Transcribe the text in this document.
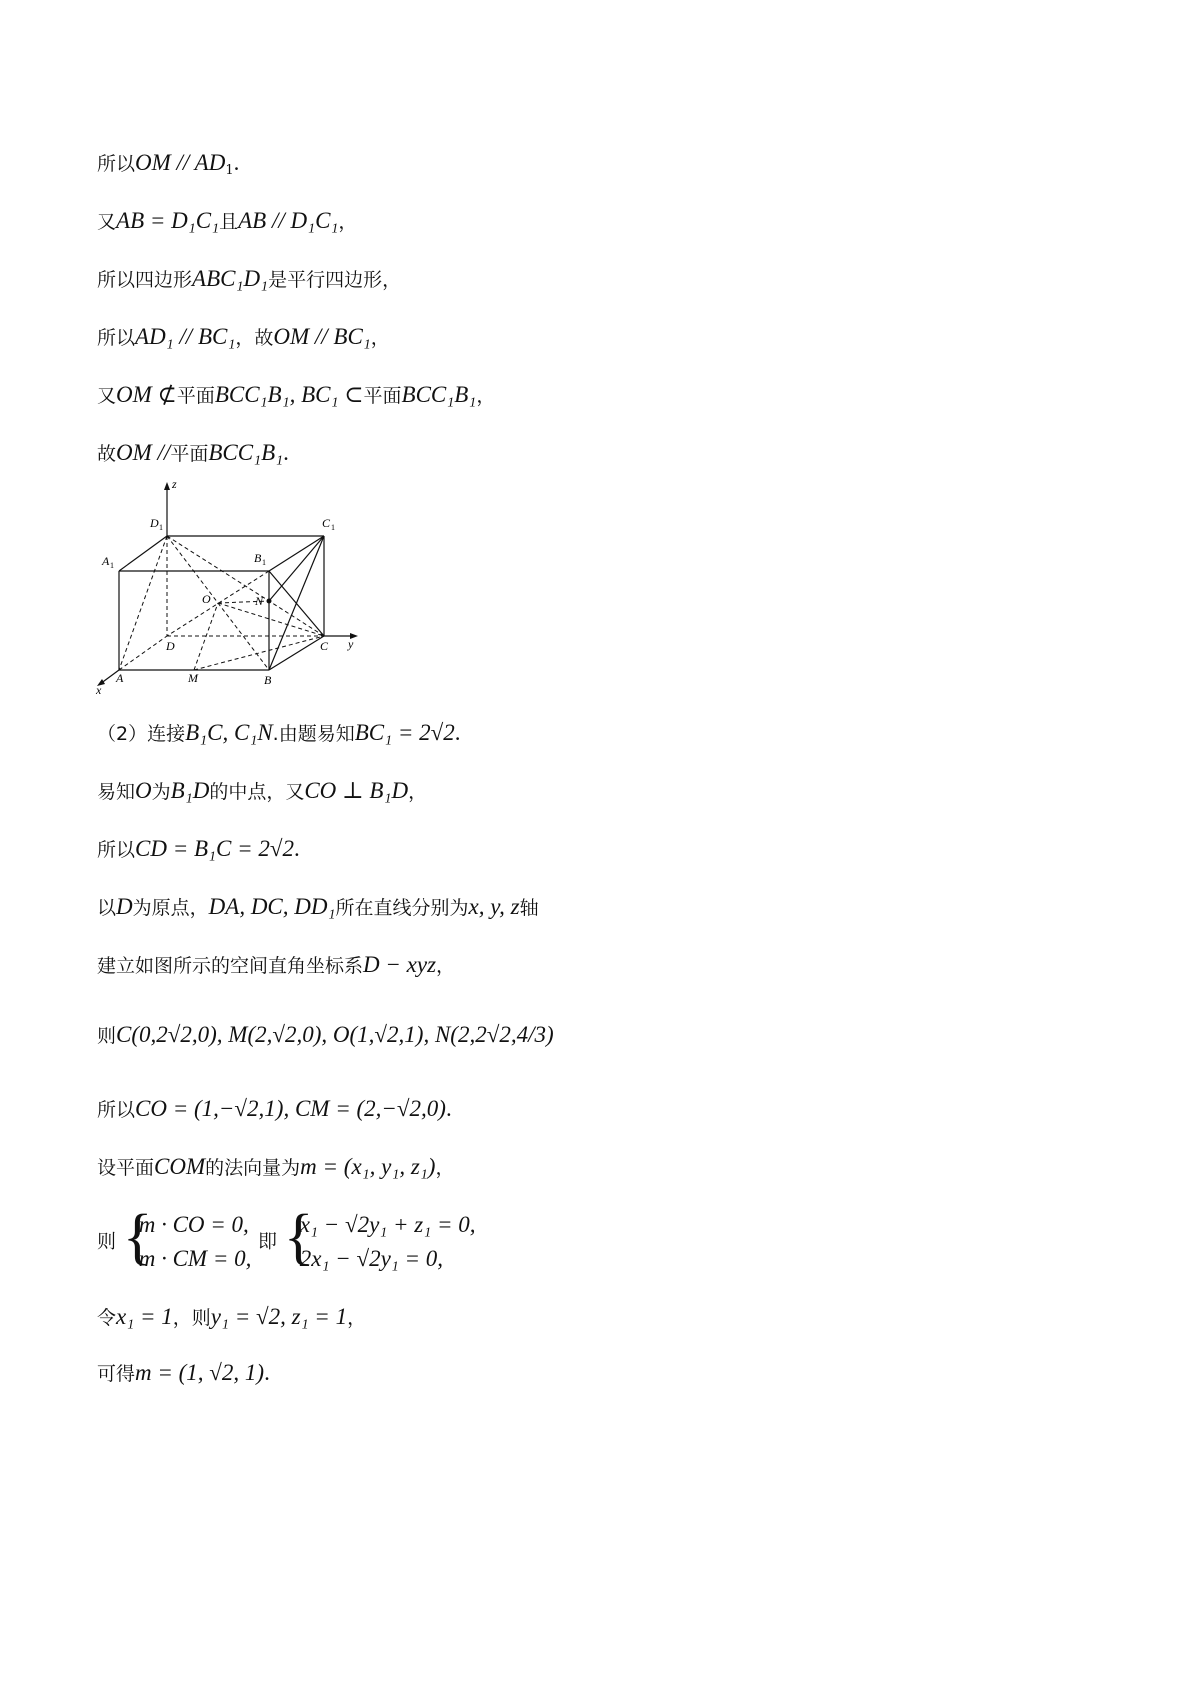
所以OM // $AD_1$.
又AB = D₁C₁且AB // D₁C₁，
所以四边形ABC₁D₁是平行四边形，
所以AD₁ // BC₁，故OM // BC₁，
又OM ⊄平面BCC₁B₁, BC₁ ⊂平面BCC₁B₁，
故OM //平面BCC₁B₁.
z
y
x
D 1	C 1
A 1
B 1
O	N
D	C
A	M	B
（2）连接B₁C, C₁N.由题易知BC₁ = 2√2.
易知O为B₁D的中点，又CO ⊥ B₁D，
所以CD = B₁C = 2√2.
以D为原点，DA, DC, DD₁所在直线分别为x, y, z轴
建立如图所示的空间直角坐标系D − xyz，
则C(0,2√2,0), M(2,√2,0), O(1,√2,1), N(2,2√2,4/3)
所以CO = (1,−√2,1), CM = (2,−√2,0).
设平面COM的法向量为m = (x₁, y₁, z₁)，
则 {
m · CO = 0,
m · CM = 0,
即 {
x₁ − √2y₁ + z₁ = 0,
2x₁ − √2y₁ = 0,
令x₁ = 1，则y₁ = √2, z₁ = 1，
可得m = (1, √2, 1).
